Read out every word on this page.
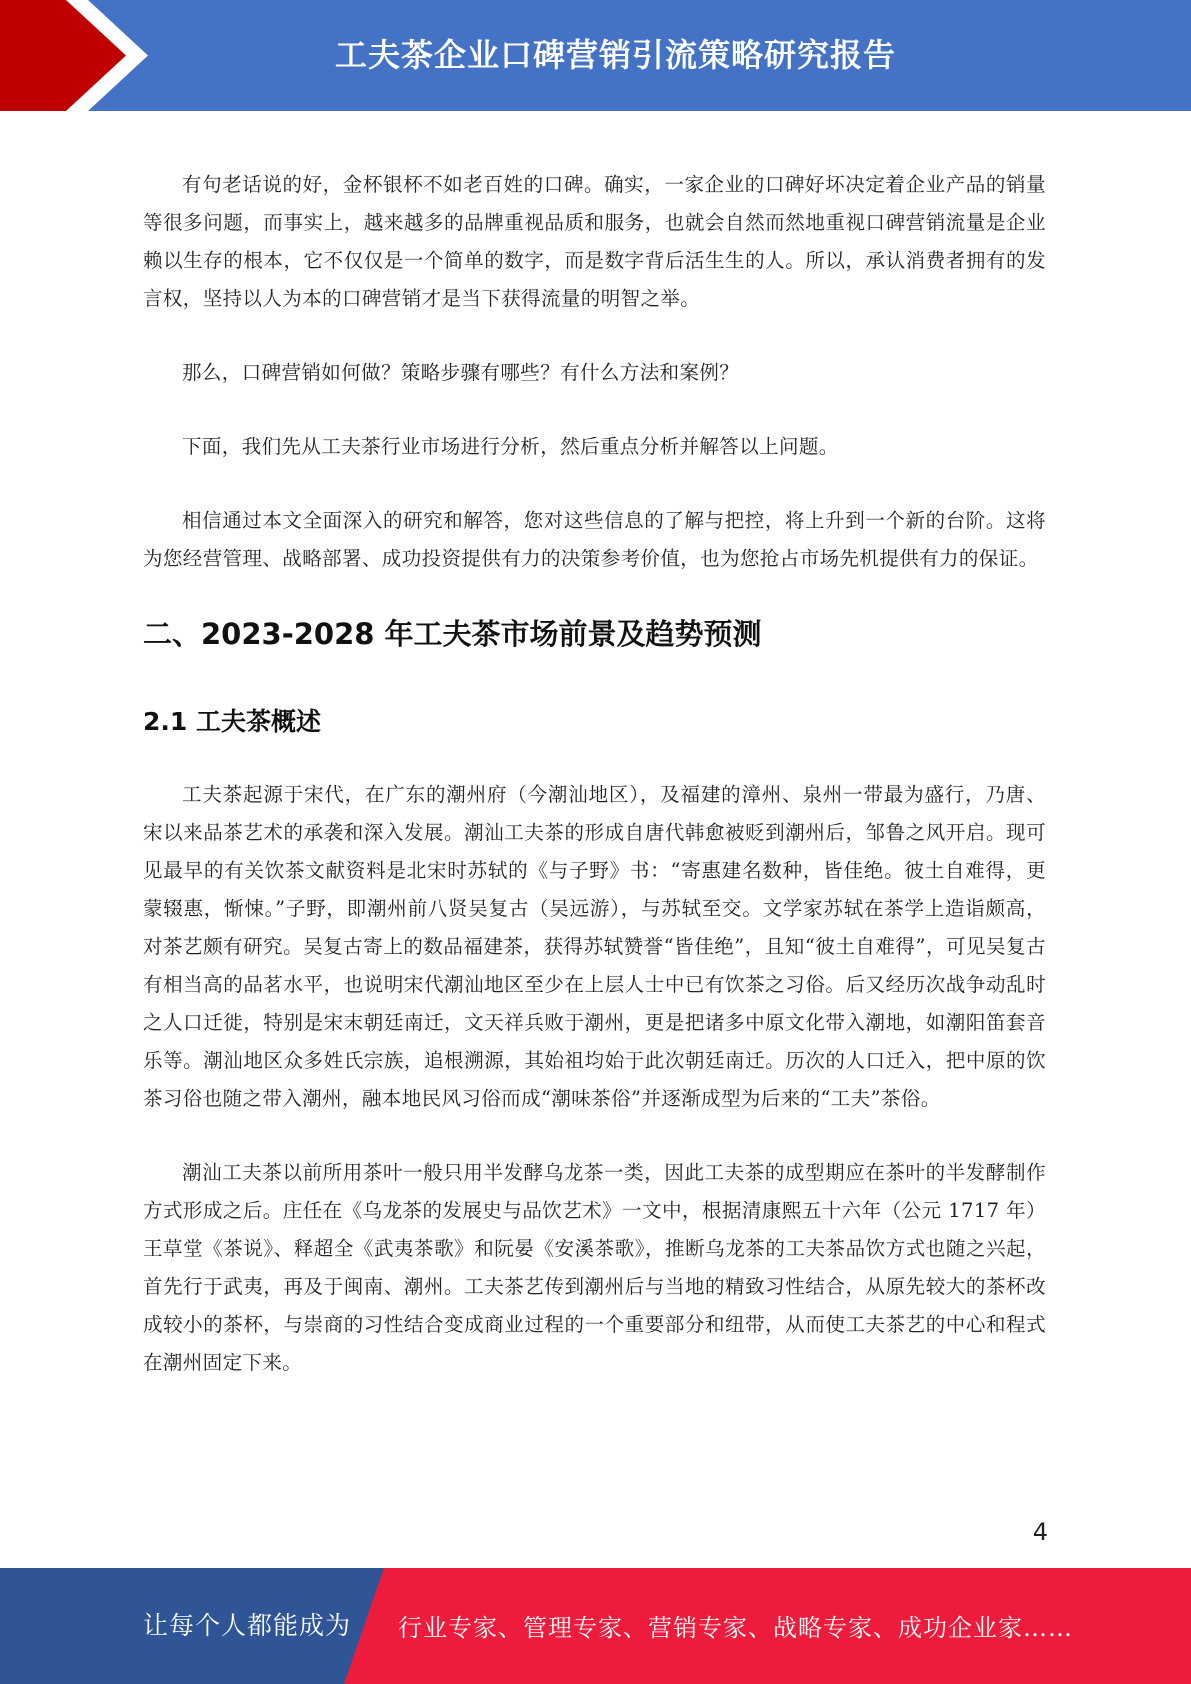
工夫茶企业口碑营销引流策略研究报告

有句老话说的好，金杯银杯不如老百姓的口碑。确实，一家企业的口碑好坏决定着企业产品的销量等很多问题，而事实上，越来越多的品牌重视品质和服务，也就会自然而然地重视口碑营销流量是企业赖以生存的根本，它不仅仅是一个简单的数字，而是数字背后活生生的人。所以，承认消费者拥有的发言权，坚持以人为本的口碑营销才是当下获得流量的明智之举。

那么，口碑营销如何做？策略步骤有哪些？有什么方法和案例？

下面，我们先从工夫茶行业市场进行分析，然后重点分析并解答以上问题。

相信通过本文全面深入的研究和解答，您对这些信息的了解与把控，将上升到一个新的台阶。这将为您经营管理、战略部署、成功投资提供有力的决策参考价值，也为您抢占市场先机提供有力的保证。

二、2023-2028 年工夫茶市场前景及趋势预测
2.1 工夫茶概述

工夫茶起源于宋代，在广东的潮州府（今潮汕地区），及福建的漳州、泉州一带最为盛行，乃唐、宋以来品茶艺术的承袭和深入发展。潮汕工夫茶的形成自唐代韩愈被贬到潮州后，邹鲁之风开启。现可见最早的有关饮茶文献资料是北宋时苏轼的《与子野》书：“寄惠建名数种，皆佳绝。彼土自难得，更蒙辍惠，惭悚。”子野，即潮州前八贤吴复古（吴远游），与苏轼至交。文学家苏轼在茶学上造诣颇高，对茶艺颇有研究。吴复古寄上的数品福建茶，获得苏轼赞誉“皆佳绝”，且知“彼土自难得”，可见吴复古有相当高的品茗水平，也说明宋代潮汕地区至少在上层人士中已有饮茶之习俗。后又经历次战争动乱时之人口迁徙，特别是宋末朝廷南迁，文天祥兵败于潮州，更是把诸多中原文化带入潮地，如潮阳笛套音乐等。潮汕地区众多姓氏宗族，追根溯源，其始祖均始于此次朝廷南迁。历次的人口迁入，把中原的饮茶习俗也随之带入潮州，融本地民风习俗而成“潮味茶俗”并逐渐成型为后来的“工夫”茶俗。

潮汕工夫茶以前所用茶叶一般只用半发酵乌龙茶一类，因此工夫茶的成型期应在茶叶的半发酵制作方式形成之后。庄任在《乌龙茶的发展史与品饮艺术》一文中，根据清康熙五十六年（公元 1717 年）王草堂《茶说》、释超全《武夷茶歌》和阮晏《安溪茶歌》，推断乌龙茶的工夫茶品饮方式也随之兴起，首先行于武夷，再及于闽南、潮州。工夫茶艺传到潮州后与当地的精致习性结合，从原先较大的茶杯改成较小的茶杯，与崇商的习性结合变成商业过程的一个重要部分和纽带，从而使工夫茶艺的中心和程式在潮州固定下来。

4
让每个人都能成为 行业专家、管理专家、营销专家、战略专家、成功企业家……
